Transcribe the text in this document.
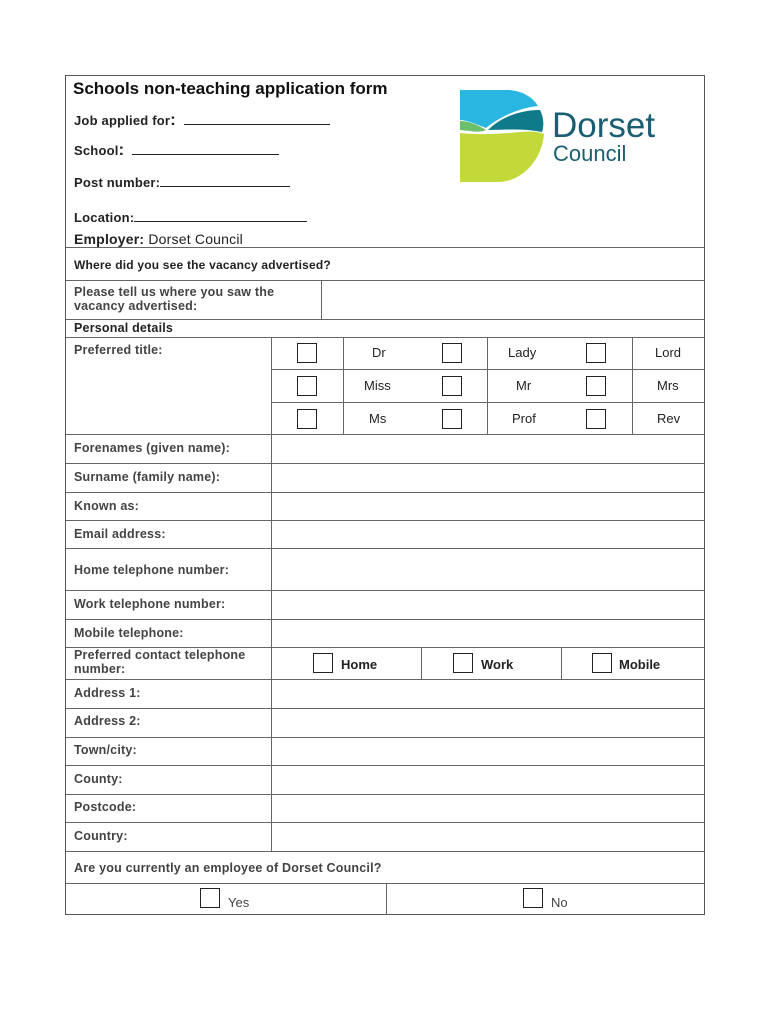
Schools non-teaching application form
Job applied for:
School:
Post number:
Location:
Employer: Dorset Council
Dorset
Council
Where did you see the vacancy advertised?
Please tell us where you saw the
vacancy advertised:
Personal details
Preferred title:	Dr	Lady	Lord
Miss	Mr	Mrs
Ms	Prof	Rev
Forenames (given name):
Surname (family name):
Known as:
Email address:
Home telephone number:
Work telephone number:
Mobile telephone:
Preferred contact telephone
number:	Home	Work	Mobile
Address 1:
Address 2:
Town/city:
County:
Postcode:
Country:
Are you currently an employee of Dorset Council?
Yes	No
